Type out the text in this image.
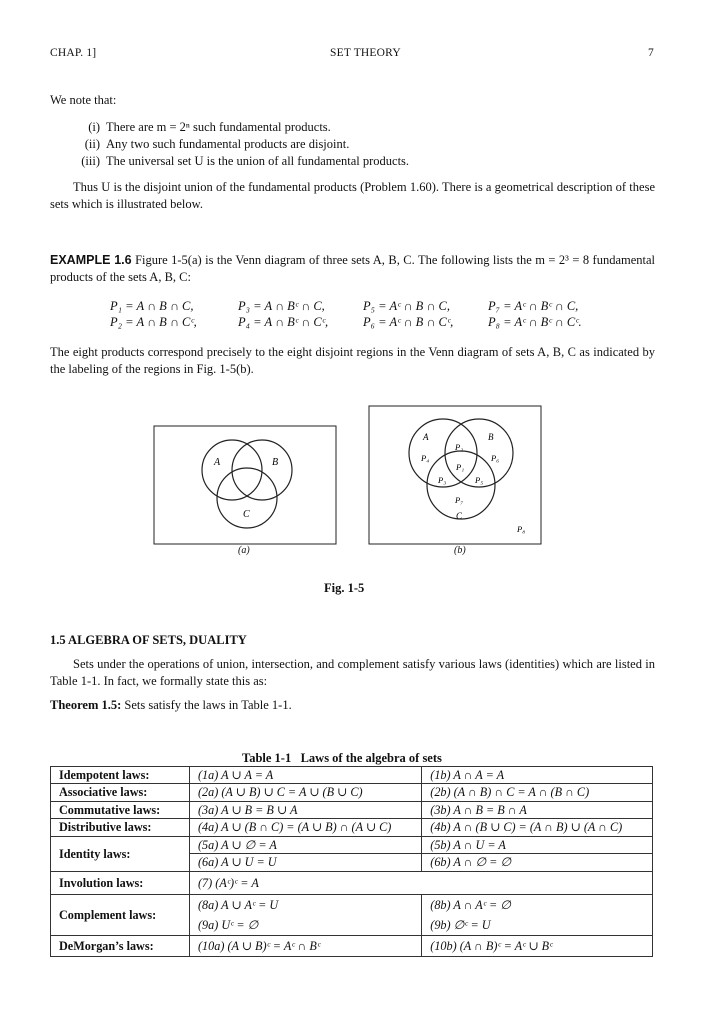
CHAP. 1]	SET THEORY	7
We note that:
(i) There are m = 2ⁿ such fundamental products.
(ii) Any two such fundamental products are disjoint.
(iii) The universal set U is the union of all fundamental products.
Thus U is the disjoint union of the fundamental products (Problem 1.60). There is a geometrical description of these sets which is illustrated below.
EXAMPLE 1.6 Figure 1-5(a) is the Venn diagram of three sets A, B, C. The following lists the m = 2³ = 8 fundamental products of the sets A, B, C:
P₁ = A ∩ B ∩ C,	P₃ = A ∩ Bᶜ ∩ C,	P₅ = Aᶜ ∩ B ∩ C,	P₇ = Aᶜ ∩ Bᶜ ∩ C,
P₂ = A ∩ B ∩ Cᶜ,	P₄ = A ∩ Bᶜ ∩ Cᶜ,	P₆ = Aᶜ ∩ B ∩ Cᶜ,	P₈ = Aᶜ ∩ Bᶜ ∩ Cᶜ.
The eight products correspond precisely to the eight disjoint regions in the Venn diagram of sets A, B, C as indicated by the labeling of the regions in Fig. 1-5(b).
A	B
C
(a)
A	B
C
P₁
P₂
P₃
P₄
P₅
P₆
P₇
P₈
(b)
Fig. 1-5
1.5 ALGEBRA OF SETS, DUALITY
Sets under the operations of union, intersection, and complement satisfy various laws (identities) which are listed in Table 1-1. In fact, we formally state this as:
Theorem 1.5: Sets satisfy the laws in Table 1-1.
Table 1-1   Laws of the algebra of sets
Idempotent laws:	(1a) A ∪ A = A	(1b) A ∩ A = A
Associative laws:	(2a) (A ∪ B) ∪ C = A ∪ (B ∪ C)	(2b) (A ∩ B) ∩ C = A ∩ (B ∩ C)
Commutative laws:	(3a) A ∪ B = B ∪ A	(3b) A ∩ B = B ∩ A
Distributive laws:	(4a) A ∪ (B ∩ C) = (A ∪ B) ∩ (A ∪ C)	(4b) A ∩ (B ∪ C) = (A ∩ B) ∪ (A ∩ C)
Identity laws:	(5a) A ∪ ∅ = A	(5b) A ∩ U = A
	(6a) A ∪ U = U	(6b) A ∩ ∅ = ∅
Involution laws:	(7) (Aᶜ)ᶜ = A	
Complement laws:	(8a) A ∪ Aᶜ = U	(8b) A ∩ Aᶜ = ∅
	(9a) Uᶜ = ∅	(9b) ∅ᶜ = U
DeMorgan’s laws:	(10a) (A ∪ B)ᶜ = Aᶜ ∩ Bᶜ	(10b) (A ∩ B)ᶜ = Aᶜ ∪ Bᶜ
